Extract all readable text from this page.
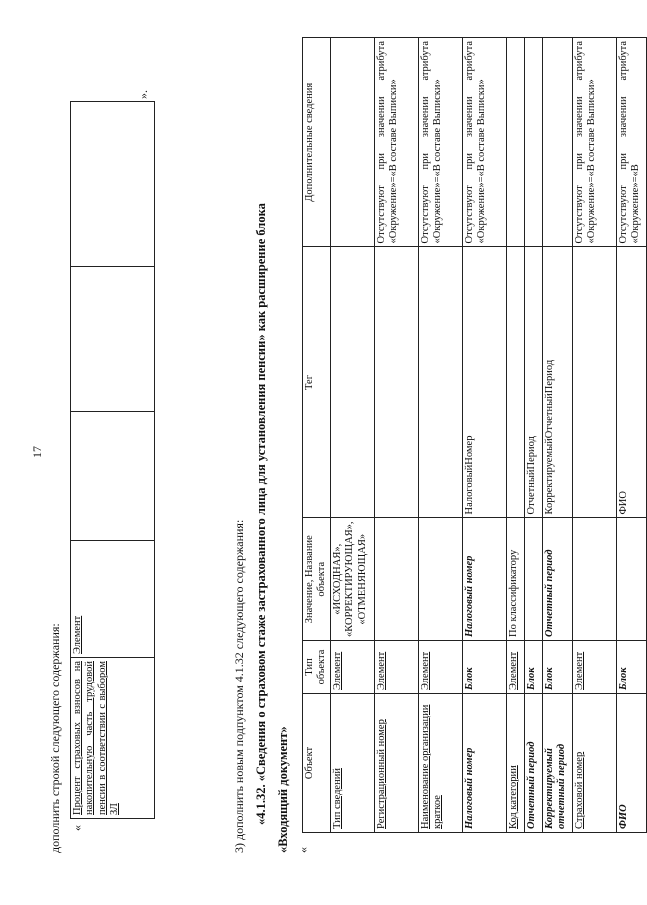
17
дополнить строкой следующего содержания: «
Процент страховых взносов на накопительную часть трудовой пенсии в соответствии с выбором ЗЛ	Элемент			
».
3) дополнить новым подпунктом 4.1.32 следующего содержания: «4.1.32. «Сведения о страховом стаже застрахованного лица для установления пенсии» как расширение блока «Входящий документ» «
Объект	Тип объекта	Значение, Название объекта	Тег	Дополнительные сведения
Тип сведений	Элемент	«ИСХОДНАЯ», «КОРРЕКТИРУЮЩАЯ», «ОТМЕНЯЮЩАЯ»		
Регистрационный номер	Элемент			Отсутствуют при значении атрибута «Окружение»=«В составе Выписки»
Наименование организации краткое	Элемент			Отсутствуют при значении атрибута «Окружение»=«В составе Выписки»
Налоговый номер	Блок	Налоговый номер	НалоговыйНомер	Отсутствуют при значении атрибута «Окружение»=«В составе Выписки»
Код категории	Элемент	По классификатору		
Отчетный период	Блок		ОтчетныйПериод	
Корректируемый отчетный период	Блок	Отчетный период	КорректируемыйОтчетныйПериод	
Страховой номер	Элемент			Отсутствуют при значении атрибута «Окружение»=«В составе Выписки»
ФИО	Блок		ФИО	Отсутствуют при значении атрибута «Окружение»=«В
